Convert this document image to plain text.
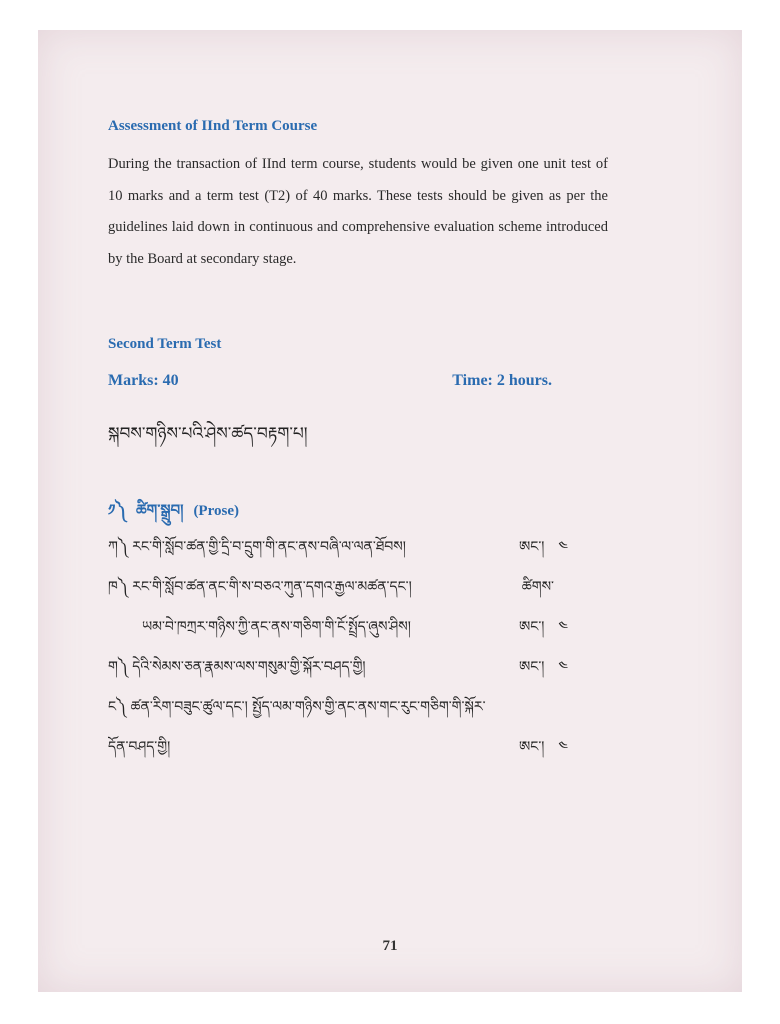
Assessment of IInd Term Course

During the transaction of IInd term course, students would be given one unit test of 10 marks and a term test (T2) of 40 marks. These tests should be given as per the guidelines laid down in continuous and comprehensive evaluation scheme introduced by the Board at secondary stage.

Second Term Test
Marks: 40	Time: 2 hours.
སྐབས་གཉིས་པའི་ཤེས་ཚད་བརྟག་པ།
༡༽ ཚིག་སྒྲུབ། (Prose)
ཀ༽ རང་གི་སློབ་ཚན་གྱི་དྲི་བ་དྲུག་གི་ནང་ནས་བཞི་ལ་ལན་ཐོབས།	ཨང་། ༤
ཁ༽ རང་གི་སློབ་ཚན་ནང་གི་ས་བཅའ་ཀུན་དགའ་རྒྱལ་མཚན་དང་།	ཚིགས་
ཡམ་བེ་ཁཀྲར་གཉིས་ཀྱི་ནང་ནས་གཅིག་གི་ངོ་སྤྲོད་ཞུས་ཤིས།	ཨང་། ༤
ག༽ དེའི་སེམས་ཅན་རྣམས་ལས་གསུམ་གྱི་སྐོར་བཤད་གྱི།	ཨང་། ༤
ང༽ ཚན་རིག་བཟུང་ཚུལ་དང་། སྤྱོད་ལམ་གཉིས་གྱི་ནང་ནས་གང་རུང་གཅིག་གི་སྐོར་
དོན་བཤད་གྱི།	ཨང་། ༤
71
